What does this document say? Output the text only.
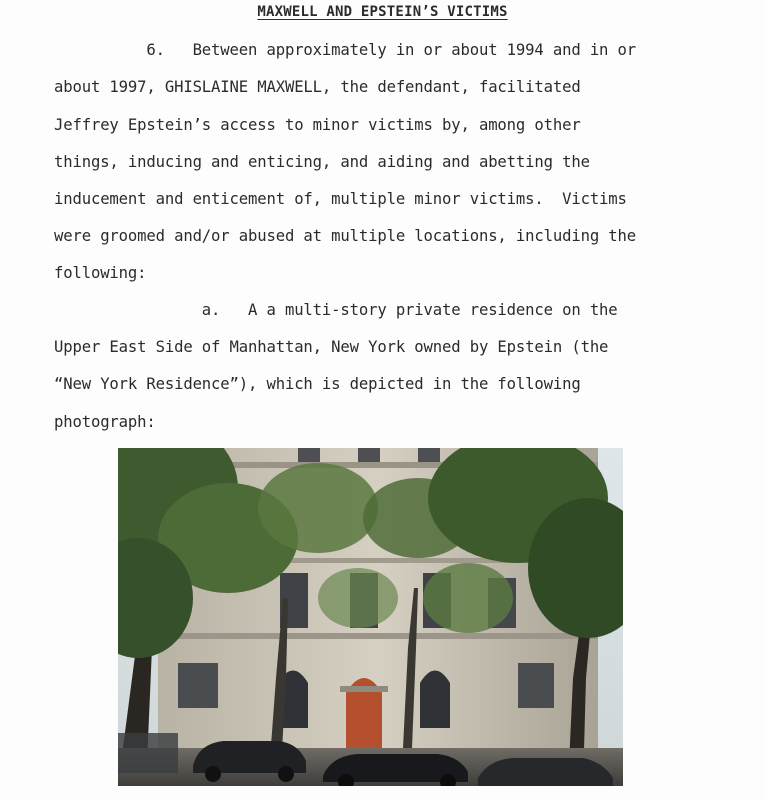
MAXWELL AND EPSTEIN’S VICTIMS
6.   Between approximately in or about 1994 and in or
about 1997, GHISLAINE MAXWELL, the defendant, facilitated
Jeffrey Epstein’s access to minor victims by, among other
things, inducing and enticing, and aiding and abetting the
inducement and enticement of, multiple minor victims.  Victims
were groomed and/or abused at multiple locations, including the
following:
a.   A a multi-story private residence on the
Upper East Side of Manhattan, New York owned by Epstein (the
“New York Residence”), which is depicted in the following
photograph:
